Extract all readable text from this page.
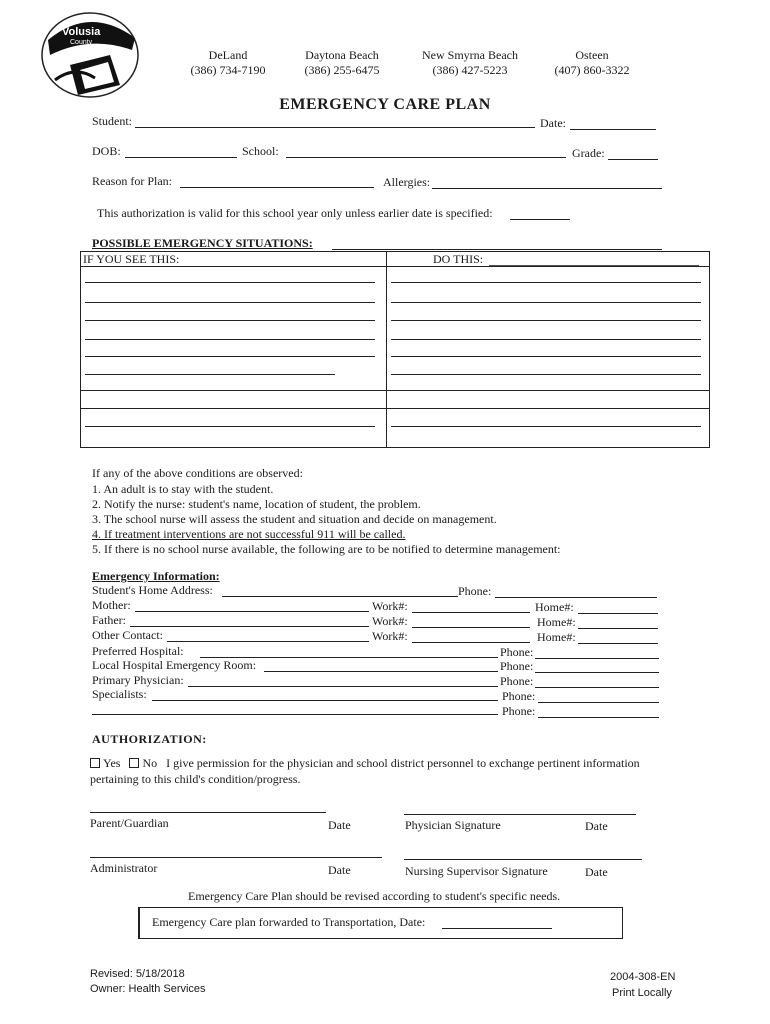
Volusia
County
Schools	DeLand
(386) 734-7190
Daytona Beach
(386) 255-6475
New Smyrna Beach
(386) 427-5223
Osteen
(407) 860-3322
EMERGENCY CARE PLAN
Student:	Date:
DOB:	School:	Grade:
Reason for Plan:	Allergies:
This authorization is valid for this school year only unless earlier date is specified:
POSSIBLE EMERGENCY SITUATIONS:
IF YOU SEE THIS:	DO THIS:
If any of the above conditions are observed:
1. An adult is to stay with the student.
2. Notify the nurse: student's name, location of student, the problem.
3. The school nurse will assess the student and situation and decide on management.
4. If treatment interventions are not successful 911 will be called.
5. If there is no school nurse available, the following are to be notified to determine management:
Emergency Information:
Student's Home Address:	Phone:
Mother:	Work#:	Home#:
Father:	Work#:	Home#:
Other Contact:	Work#:	Home#:
Preferred Hospital:	Phone:
Local Hospital Emergency Room:	Phone:
Primary Physician:	Phone:
Specialists:	Phone:
Phone:
AUTHORIZATION:
Yes No I give permission for the physician and school district personnel to exchange pertinent information
pertaining to this child's condition/progress.
Parent/Guardian	Date	Physician Signature	Date
Administrator	Date	Nursing Supervisor Signature	Date
Emergency Care Plan should be revised according to student's specific needs.
Emergency Care plan forwarded to Transportation, Date:
Revised: 5/18/2018
Owner: Health Services
2004-308-EN
Print Locally
